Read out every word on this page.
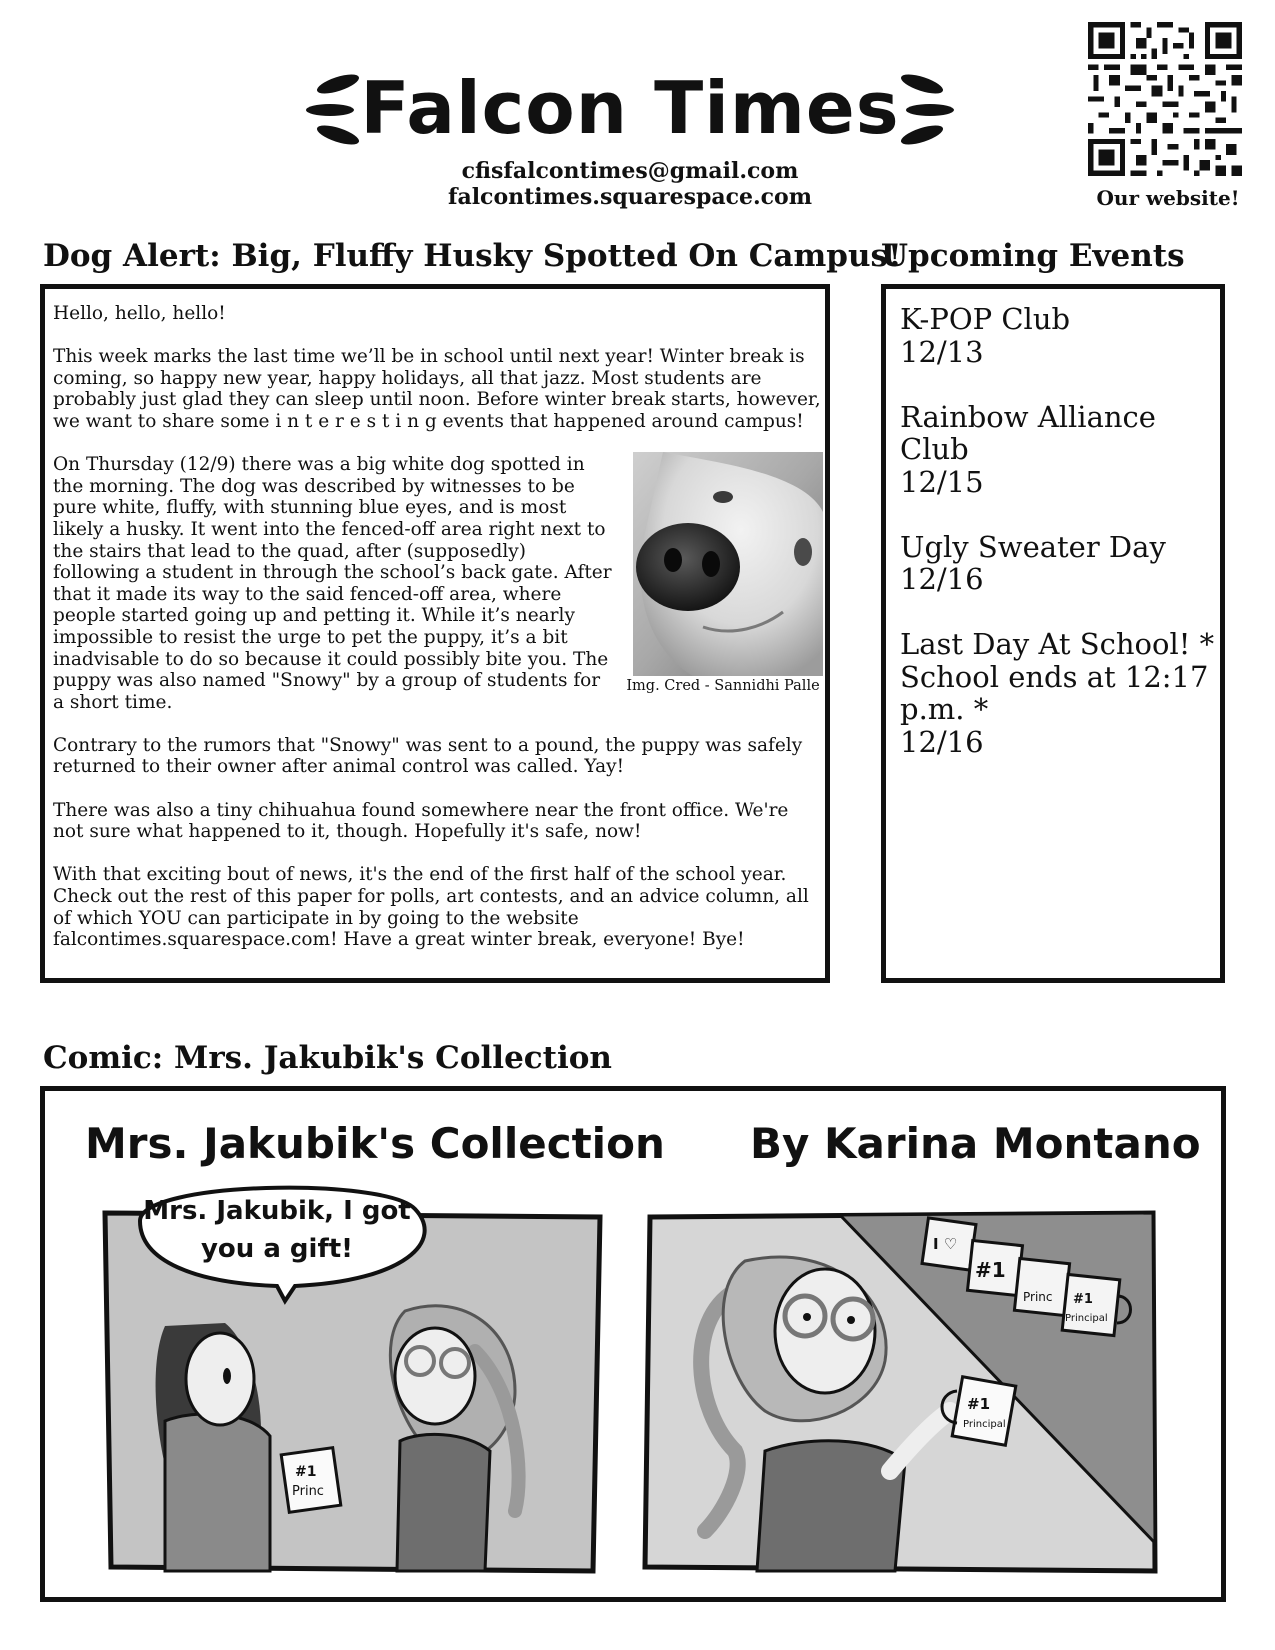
Falcon Times
cfisfalcontimes@gmail.com
falcontimes.squarespace.com	Our website!
Dog Alert: Big, Fluffy Husky Spotted On Campus!

Hello, hello, hello!

This week marks the last time we’ll be in school until next year! Winter break is coming, so happy new year, happy holidays, all that jazz. Most students are probably just glad they can sleep until noon. Before winter break starts, however, we want to share some i n t e r e s t i n g events that happened around campus!

Img. Cred - Sannidhi Palle

On Thursday (12/9) there was a big white dog spotted in the morning. The dog was described by witnesses to be pure white, fluffy, with stunning blue eyes, and is most likely a husky. It went into the fenced-off area right next to the stairs that lead to the quad, after (supposedly) following a student in through the school’s back gate. After that it made its way to the said fenced-off area, where people started going up and petting it. While it’s nearly impossible to resist the urge to pet the puppy, it’s a bit inadvisable to do so because it could possibly bite you. The puppy was also named "Snowy" by a group of students for a short time.

Contrary to the rumors that "Snowy" was sent to a pound, the puppy was safely returned to their owner after animal control was called. Yay!

There was also a tiny chihuahua found somewhere near the front office. We're not sure what happened to it, though. Hopefully it's safe, now!

With that exciting bout of news, it's the end of the first half of the school year. Check out the rest of this paper for polls, art contests, and an advice column, all of which YOU can participate in by going to the website falcontimes.squarespace.com! Have a great winter break, everyone! Bye!

Upcoming Events
K-POP Club
12/13
Rainbow Alliance Club
12/15
Ugly Sweater Day
12/16
Last Day At School! * School ends at 12:17 p.m. *
12/16
Comic: Mrs. Jakubik's Collection
Mrs. Jakubik's Collection By Karina Montano
#1
Princ
Mrs. Jakubik, I got
you a gift!	I ♡
#1
Princ #1
Principal
#1
Principal
